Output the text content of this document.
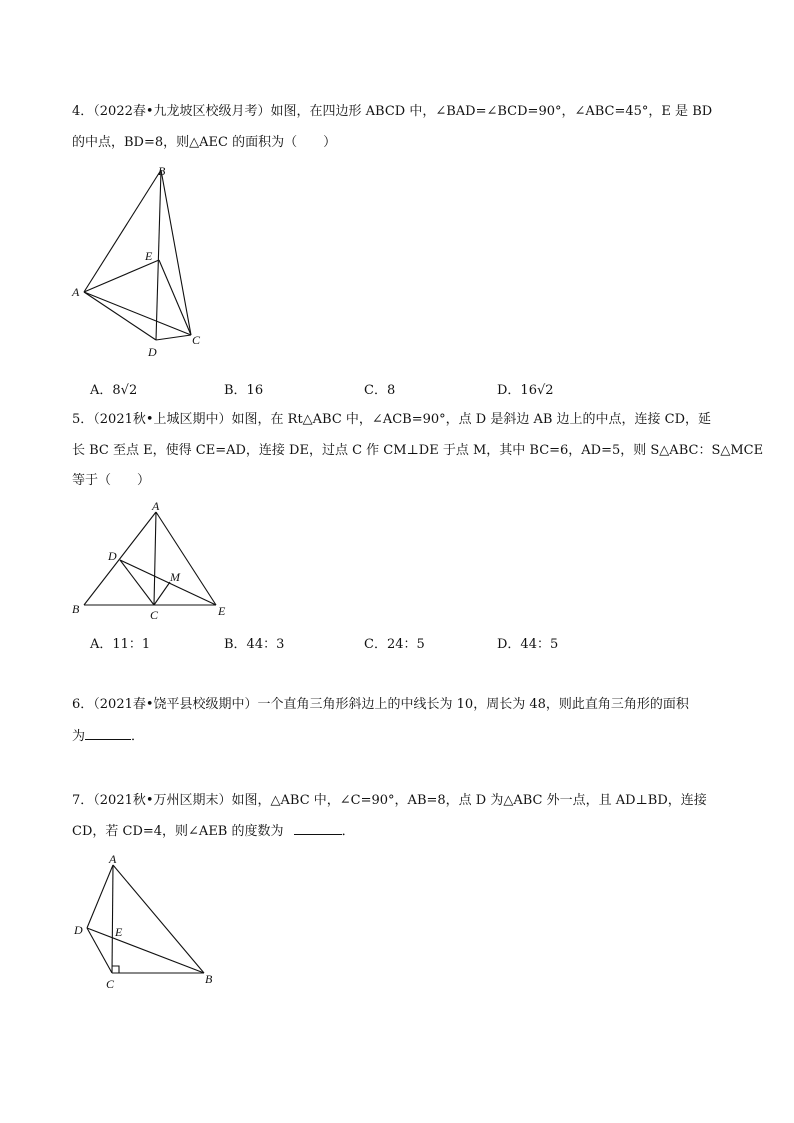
4．（2022春•九龙坡区校级月考）如图，在四边形 ABCD 中，∠BAD=∠BCD=90°，∠ABC=45°，E 是 BD
的中点，BD=8，则△AEC 的面积为（　　）
B
E
A
D
C
A．8√2	B．16	C．8	D．16√2
5．（2021秋•上城区期中）如图，在 Rt△ABC 中，∠ACB=90°，点 D 是斜边 AB 边上的中点，连接 CD，延
长 BC 至点 E，使得 CE=AD，连接 DE，过点 C 作 CM⊥DE 于点 M，其中 BC=6，AD=5，则 S△ABC：S△MCE
等于（　　）
A
D
M
B	C	E
A．11：1	B．44：3	C．24：5	D．44：5
6．（2021春•饶平县校级期中）一个直角三角形斜边上的中线长为 10，周长为 48，则此直角三角形的面积
为	．
7．（2021秋•万州区期末）如图，△ABC 中，∠C=90°，AB=8，点 D 为△ABC 外一点，且 AD⊥BD，连接
CD，若 CD=4，则∠AEB 的度数为	．
A
D	E
C	B
